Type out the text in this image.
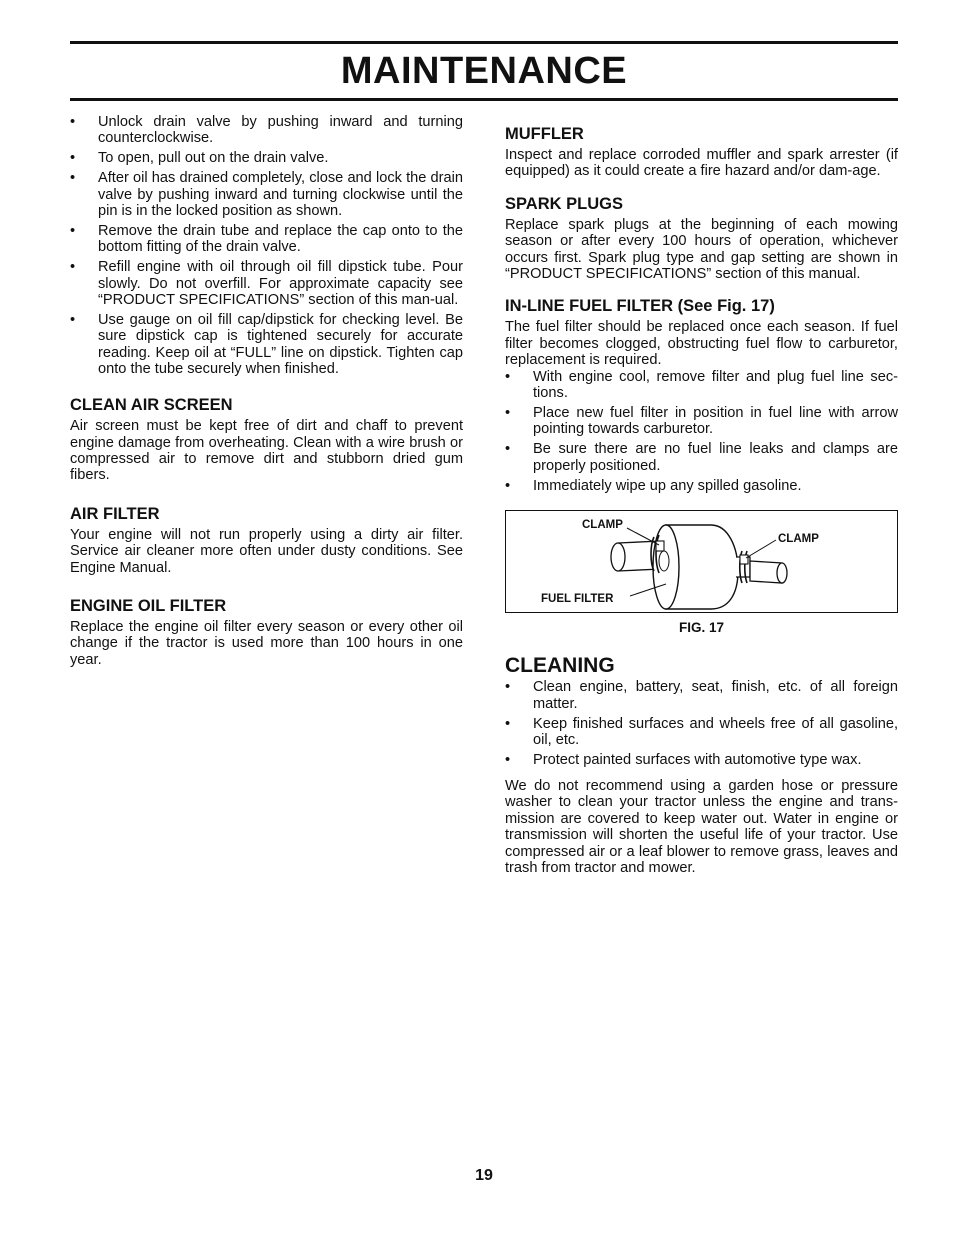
MAINTENANCE
• Unlock drain valve by pushing inward and turning counterclockwise.
• To open, pull out on the drain valve.
• After oil has drained completely, close and lock the drain valve by pushing inward and turning clockwise until the pin is in the locked position as shown.
• Remove the drain tube and replace the cap onto to the bottom fitting of the drain valve.
• Refill engine with oil through oil fill dipstick tube. Pour slowly. Do not overfill. For approximate capacity see “PRODUCT SPECIFICATIONS” section of this man-ual.
• Use gauge on oil fill cap/dipstick for checking level. Be sure dipstick cap is tightened securely for accurate reading. Keep oil at “FULL” line on dipstick. Tighten cap onto the tube securely when finished.
CLEAN AIR SCREEN

Air screen must be kept free of dirt and chaff to prevent engine damage from overheating. Clean with a wire brush or compressed air to remove dirt and stubborn dried gum fibers.

AIR FILTER

Your engine will not run properly using a dirty air filter. Service air cleaner more often under dusty conditions. See Engine Manual.

ENGINE OIL FILTER

Replace the engine oil filter every season or every other oil change if the tractor is used more than 100 hours in one year.

MUFFLER

Inspect and replace corroded muffler and spark arrester (if equipped) as it could create a fire hazard and/or dam-age.

SPARK PLUGS

Replace spark plugs at the beginning of each mowing season or after every 100 hours of operation, whichever occurs first. Spark plug type and gap setting are shown in “PRODUCT SPECIFICATIONS” section of this manual.

IN-LINE FUEL FILTER (See Fig. 17)

The fuel filter should be replaced once each season. If fuel filter becomes clogged, obstructing fuel flow to carburetor, replacement is required.

• With engine cool, remove filter and plug fuel line sec-tions.
• Place new fuel filter in position in fuel line with arrow pointing towards carburetor.
• Be sure there are no fuel line leaks and clamps are properly positioned.
• Immediately wipe up any spilled gasoline.
CLAMP
CLAMP
FUEL FILTER
FIG. 17
CLEANING
• Clean engine, battery, seat, finish, etc. of all foreign matter.
• Keep finished surfaces and wheels free of all gasoline, oil, etc.
• Protect painted surfaces with automotive type wax.

We do not recommend using a garden hose or pressure washer to clean your tractor unless the engine and trans-mission are covered to keep water out. Water in engine or transmission will shorten the useful life of your tractor. Use compressed air or a leaf blower to remove grass, leaves and trash from tractor and mower.

19
